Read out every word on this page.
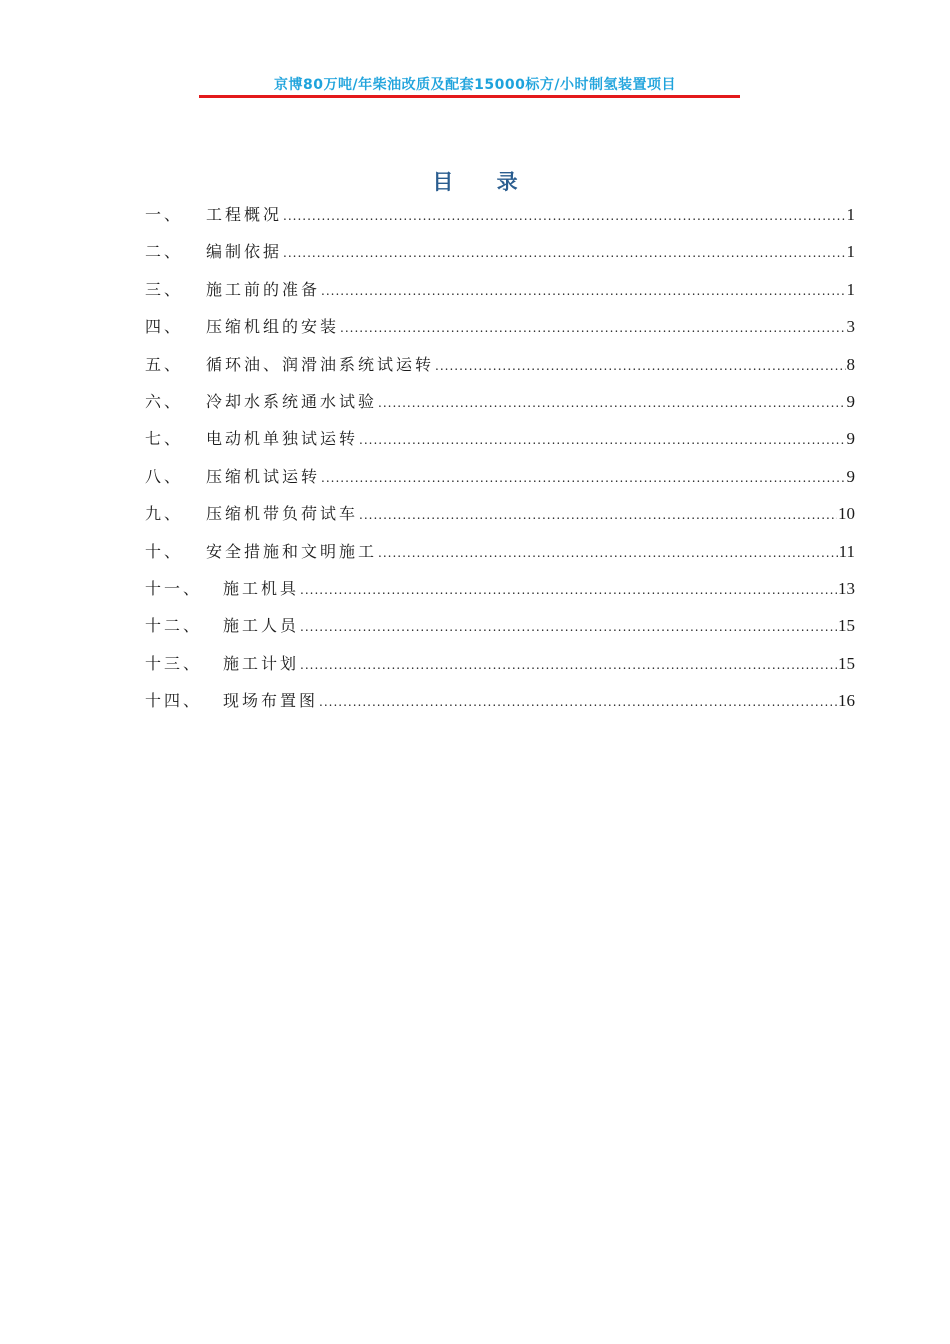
京博80万吨/年柴油改质及配套15000标方/小时制氢装置项目
目 录
一、	工程概况 .....	1
二、	编制依据 .....	1
三、	施工前的准备 .....	1
四、	压缩机组的安装 .....	3
五、	循环油、润滑油系统试运转 .....	8
六、	冷却水系统通水试验 .....	9
七、	电动机单独试运转 .....	9
八、	压缩机试运转 .....	9
九、	压缩机带负荷试车 .....	10
十、	安全措施和文明施工 .....	11
十一、	施工机具 .....	13
十二、	施工人员 .....	15
十三、	施工计划 .....	15
十四、	现场布置图 .....	16
